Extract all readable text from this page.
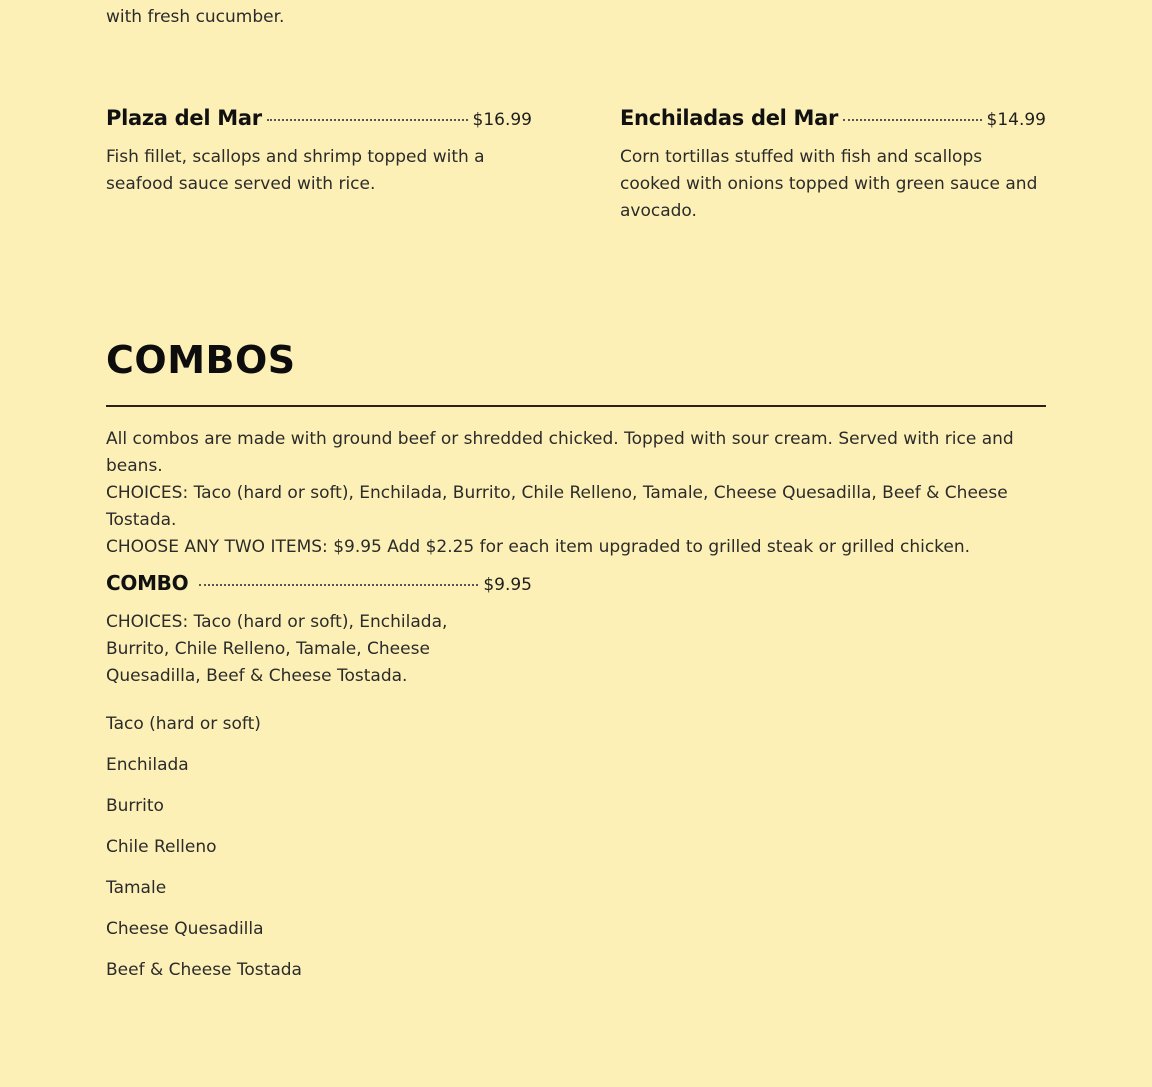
with fresh cucumber.
Plaza del Mar	$16.99
Fish fillet, scallops and shrimp topped with a seafood sauce served with rice.
Enchiladas del Mar	$14.99
Corn tortillas stuffed with fish and scallops cooked with onions topped with green sauce and avocado.
COMBOS
All combos are made with ground beef or shredded chicked. Topped with sour cream. Served with rice and beans.
CHOICES: Taco (hard or soft), Enchilada, Burrito, Chile Relleno, Tamale, Cheese Quesadilla, Beef & Cheese Tostada.
CHOOSE ANY TWO ITEMS: $9.95 Add $2.25 for each item upgraded to grilled steak or grilled chicken.
COMBO	$9.95
CHOICES: Taco (hard or soft), Enchilada, Burrito, Chile Relleno, Tamale, Cheese Quesadilla, Beef & Cheese Tostada.
Taco (hard or soft)
Enchilada
Burrito
Chile Relleno
Tamale
Cheese Quesadilla
Beef & Cheese Tostada
